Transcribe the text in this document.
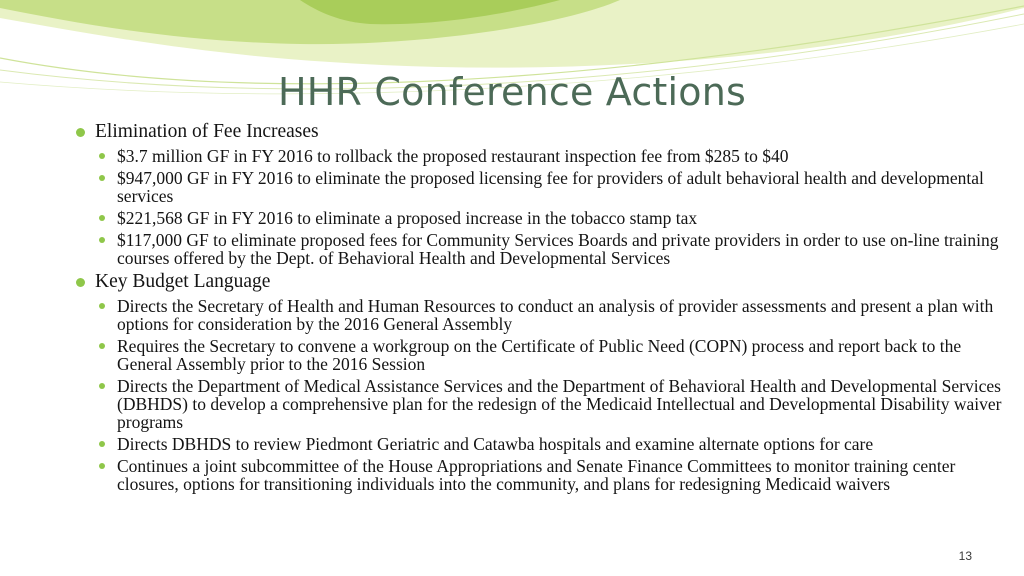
HHR Conference Actions
Elimination of Fee Increases
$3.7 million GF in FY 2016 to rollback the proposed restaurant inspection fee from $285 to $40
$947,000 GF in FY 2016 to eliminate the proposed licensing fee for providers of adult behavioral health and developmental services
$221,568 GF in FY 2016 to eliminate a proposed increase in the tobacco stamp tax
$117,000 GF to eliminate proposed fees for Community Services Boards and private providers in order to use on-line training courses offered by the Dept. of Behavioral Health and Developmental Services
Key Budget Language
Directs the Secretary of Health and Human Resources to conduct an analysis of provider assessments and present a plan with options for consideration by the 2016 General Assembly
Requires the Secretary to convene a workgroup on the Certificate of Public Need (COPN) process and report back to the General Assembly prior to the 2016 Session
Directs the Department of Medical Assistance Services and the Department of Behavioral Health and Developmental Services (DBHDS) to develop a comprehensive plan for the redesign of the Medicaid Intellectual and Developmental Disability waiver programs
Directs DBHDS to review Piedmont Geriatric and Catawba hospitals and examine alternate options for care
Continues a joint subcommittee of the House Appropriations and Senate Finance Committees to monitor training center closures, options for transitioning individuals into the community, and plans for redesigning Medicaid waivers
13
